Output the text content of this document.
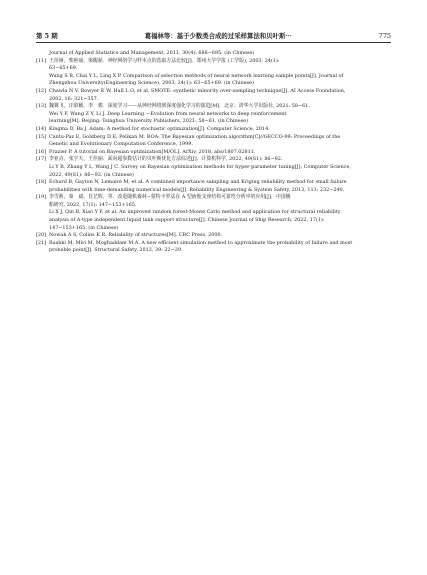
第 5 期	葛福林等：基于少数类合成的过采样算法和贝叶斯⋯	775
Journal of Applied Statistics and Management, 2011, 30(4): 686−695. (in Chinese)
[11] 王莎娅，柴艳丽，梁醒慈．神经网络学习样本点的选取方法比较[J]．郑州大学学报 (工学版), 2003, 24(1):
63−65+69.
Wang S B, Chai Y L, Ling X P. Comparison of selection methods of neural network learning sample points[J]. Journal of
Zhengzhou University(Engineering Science), 2003, 24(1): 63−65+69. (in Chinese)
[12] Chawla N V, Bowyer K W, Hall L O, et al. SMOTE: synthetic minority over-sampling technique[J]. AI Access Foundation,
2002, 16: 321−357.
[13] 魏翼飞，汪昭颖，李　骏．深度学习——从神经网络到深度强化学习的演进[M]．北京：清华大学出版社, 2021: 58−61.
Wei Y F, Wang Z Y, Li J. Deep Learning —Evolution from neural networks to deep reinforcement
learning[M]. Beijing: Tsinghua University Publishers, 2021: 58−61. (in Chinese)
[14] Kingma D, Ba J. Adam: A method for stochastic optimization[J]. Computer Science, 2014.
[15] Cantu-Paz E, Goldberg D E, Pelikan M. BOA: The Bayesian optimization algorithm[C]//GECCO-99: Proceedings of the
Genetic and Evolutionary Computation Conference, 1999.
[16] Frazier P. A tutorial on Bayesian optimization[M/OL]. ArXiv, 2018, abs/1807.02811.
[17] 李亚垚，张宇天，王佳丽．面向超参数估计的贝叶斯优化方法综述[J]．计算机科学, 2022, 49(S1): 86−92.
Li Y R, Zhang Y L, Wang J C. Survey on Bayesian optimization methods for hyper-parameter tuning[J]. Computer Science,
2022, 49(S1): 86−92. (in Chinese)
[18] Echard B, Gayton N, Lemaire M, et al. A combined importance sampling and Kriging reliability method for small failure
probabilities with time-demanding numerical models[J]. Reliability Engineering & System Safety, 2013, 111: 232−240.
[19] 李雪莉，秦　斌，肖艺辉，等．改进随机森林−蒙特卡罗法在 A 型液舱支座结构可靠性分析中的应用[J]．中国舰
船研究, 2022, 17(1): 147−153+165.
Li X J, Qin B, Xiao Y F, et al. An improved random forest-Monte Carlo method and application for structural reliability
analysis of A-type independent liquid tank support structure[J]. Chinese Journal of Ship Research, 2022, 17(1):
147−153+165. (in Chinese)
[20] Nowak A S, Colins K R. Reliability of structures[M]. CRC Press, 2000.
[21] Rashki M, Miri M, Moghaddam M A. A new efficient simulation method to approximate the probability of failure and most
probable point[J]. Structural Safety, 2012, 39: 22−29.
